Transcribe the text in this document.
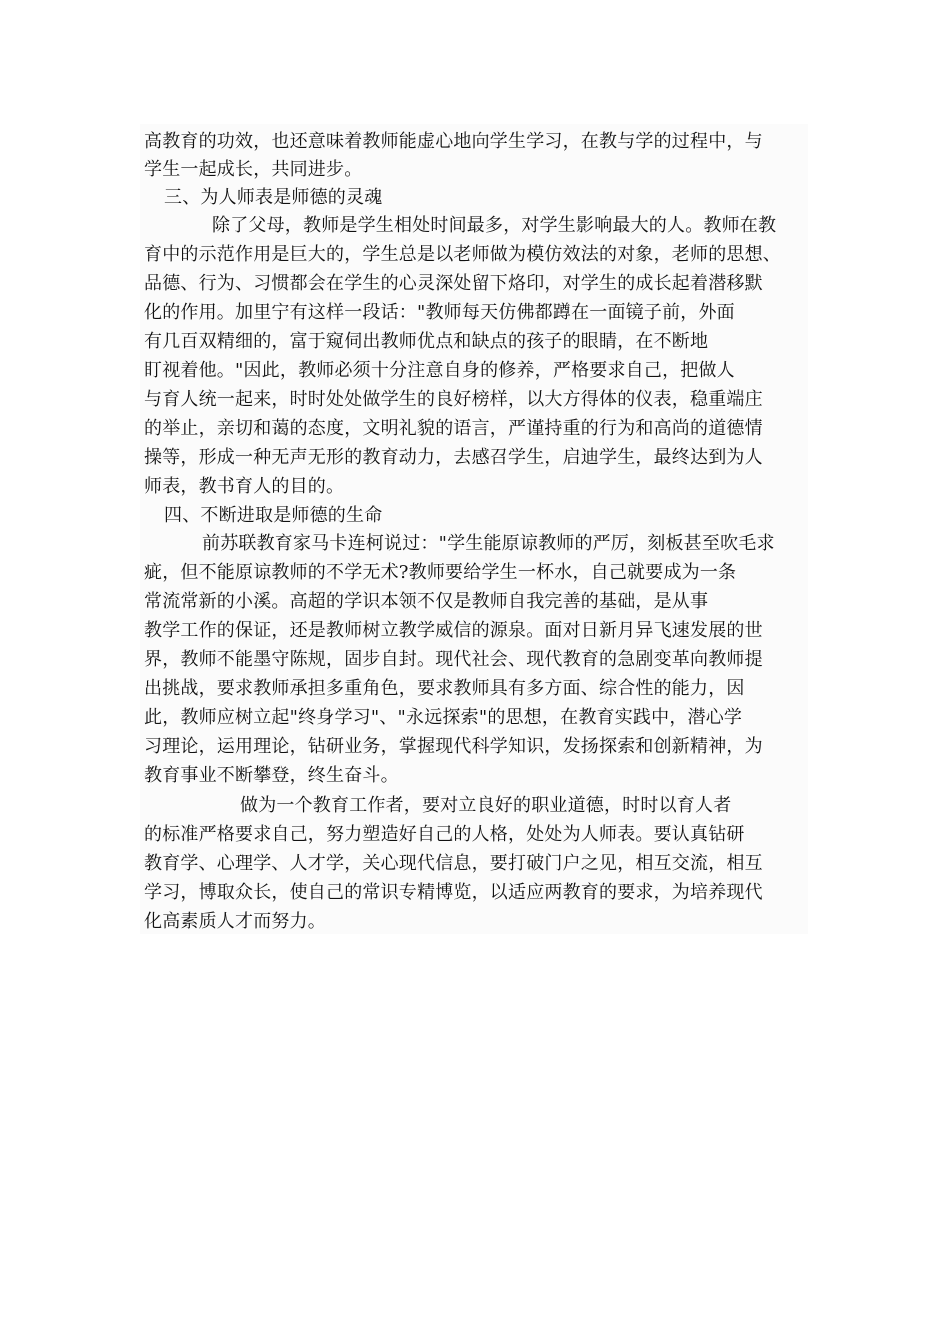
高教育的功效，也还意味着教师能虚心地向学生学习，在教与学的过程中，与
学生一起成长，共同进步。
三、为人师表是师德的灵魂
除了父母，教师是学生相处时间最多，对学生影响最大的人。教师在教
育中的示范作用是巨大的，学生总是以老师做为模仿效法的对象，老师的思想、
品德、行为、习惯都会在学生的心灵深处留下烙印，对学生的成长起着潜移默
化的作用。加里宁有这样一段话："教师每天仿佛都蹲在一面镜子前，外面
有几百双精细的，富于窥伺出教师优点和缺点的孩子的眼睛，在不断地
盯视着他。"因此，教师必须十分注意自身的修养，严格要求自己，把做人
与育人统一起来，时时处处做学生的良好榜样，以大方得体的仪表，稳重端庄
的举止，亲切和蔼的态度，文明礼貌的语言，严谨持重的行为和高尚的道德情
操等，形成一种无声无形的教育动力，去感召学生，启迪学生，最终达到为人
师表，教书育人的目的。
四、不断进取是师德的生命
前苏联教育家马卡连柯说过："学生能原谅教师的严厉，刻板甚至吹毛求
疵，但不能原谅教师的不学无术?教师要给学生一杯水，自己就要成为一条
常流常新的小溪。高超的学识本领不仅是教师自我完善的基础，是从事
教学工作的保证，还是教师树立教学威信的源泉。面对日新月异飞速发展的世
界，教师不能墨守陈规，固步自封。现代社会、现代教育的急剧变革向教师提
出挑战，要求教师承担多重角色，要求教师具有多方面、综合性的能力，因
此，教师应树立起"终身学习"、"永远探索"的思想，在教育实践中，潜心学
习理论，运用理论，钻研业务，掌握现代科学知识，发扬探索和创新精神，为
教育事业不断攀登，终生奋斗。
做为一个教育工作者，要对立良好的职业道德，时时以育人者
的标准严格要求自己，努力塑造好自己的人格，处处为人师表。要认真钻研
教育学、心理学、人才学，关心现代信息，要打破门户之见，相互交流，相互
学习，博取众长，使自己的常识专精博览，以适应两教育的要求，为培养现代
化高素质人才而努力。
